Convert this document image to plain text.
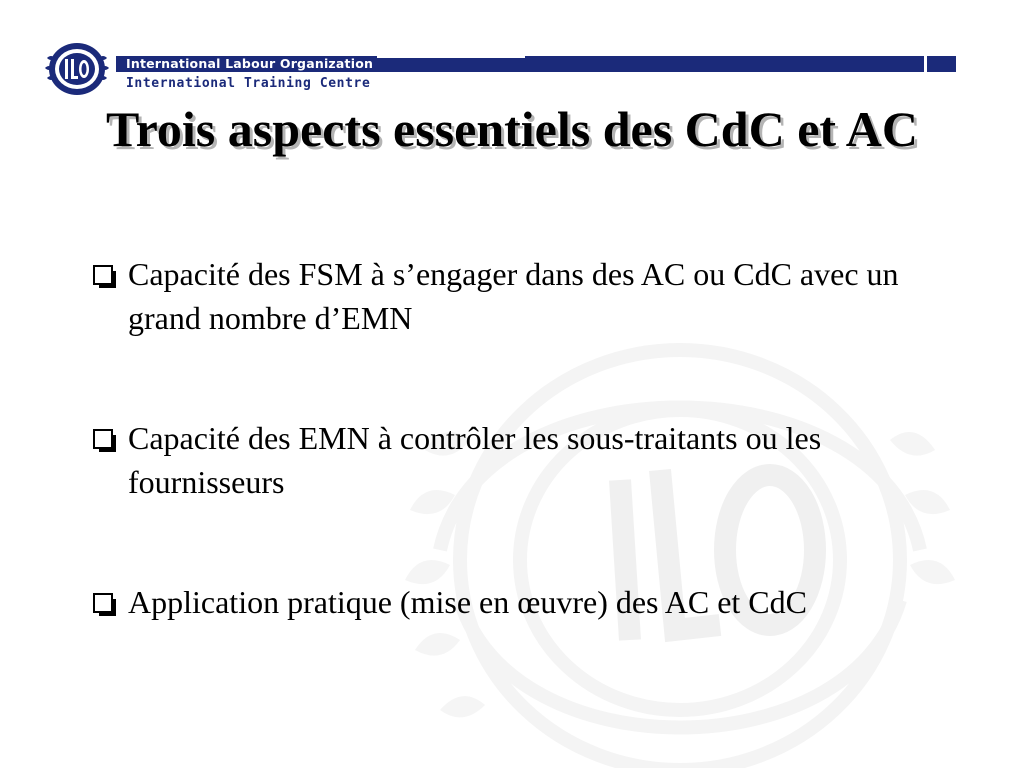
International Labour Organization
International Training Centre
Trois aspects essentiels des CdC et AC
Capacité des FSM à s’engager dans des AC ou CdC avec un grand nombre d’EMN
Capacité des EMN à contrôler les sous-traitants ou les fournisseurs
Application pratique (mise en œuvre) des AC et CdC
